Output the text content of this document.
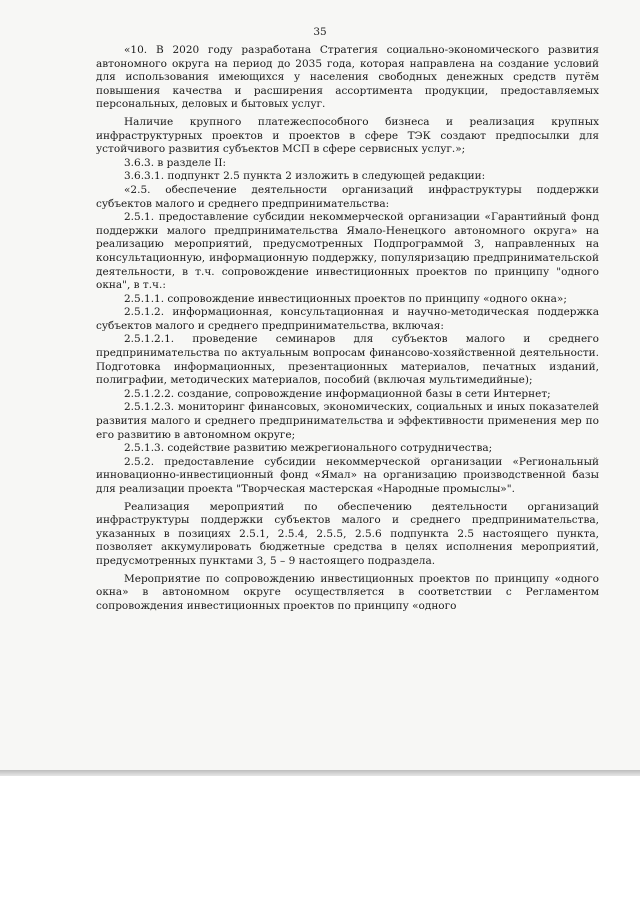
35

«10. В 2020 году разработана Стратегия социально-экономического развития автономного округа на период до 2035 года, которая направлена на создание условий для использования имеющихся у населения свободных денежных средств путём повышения качества и расширения ассортимента продукции, предоставляемых персональных, деловых и бытовых услуг.

Наличие крупного платежеспособного бизнеса и реализация крупных инфраструктурных проектов и проектов в сфере ТЭК создают предпосылки для устойчивого развития субъектов МСП в сфере сервисных услуг.»;

3.6.3. в разделе II:

3.6.3.1. подпункт 2.5 пункта 2 изложить в следующей редакции:

«2.5. обеспечение деятельности организаций инфраструктуры поддержки субъектов малого и среднего предпринимательства:

2.5.1. предоставление субсидии некоммерческой организации «Гарантийный фонд поддержки малого предпринимательства Ямало-Ненецкого автономного округа» на реализацию мероприятий, предусмотренных Подпрограммой 3, направленных на консультационную, информационную поддержку, популяризацию предпринимательской деятельности, в т.ч. сопровождение инвестиционных проектов по принципу "одного окна", в т.ч.:

2.5.1.1. сопровождение инвестиционных проектов по принципу «одного окна»;

2.5.1.2. информационная, консультационная и научно-методическая поддержка субъектов малого и среднего предпринимательства, включая:

2.5.1.2.1. проведение семинаров для субъектов малого и среднего предпринимательства по актуальным вопросам финансово-хозяйственной деятельности. Подготовка информационных, презентационных материалов, печатных изданий, полиграфии, методических материалов, пособий (включая мультимедийные);

2.5.1.2.2. создание, сопровождение информационной базы в сети Интернет;

2.5.1.2.3. мониторинг финансовых, экономических, социальных и иных показателей развития малого и среднего предпринимательства и эффективности применения мер по его развитию в автономном округе;

2.5.1.3. содействие развитию межрегионального сотрудничества;

2.5.2. предоставление субсидии некоммерческой организации «Региональный инновационно-инвестиционный фонд «Ямал» на организацию производственной базы для реализации проекта "Творческая мастерская «Народные промыслы»".

Реализация мероприятий по обеспечению деятельности организаций инфраструктуры поддержки субъектов малого и среднего предпринимательства, указанных в позициях 2.5.1, 2.5.4, 2.5.5, 2.5.6 подпункта 2.5 настоящего пункта, позволяет аккумулировать бюджетные средства в целях исполнения мероприятий, предусмотренных пунктами 3, 5 – 9 настоящего подраздела.

Мероприятие по сопровождению инвестиционных проектов по принципу «одного окна» в автономном округе осуществляется в соответствии с Регламентом сопровождения инвестиционных проектов по принципу «одного
